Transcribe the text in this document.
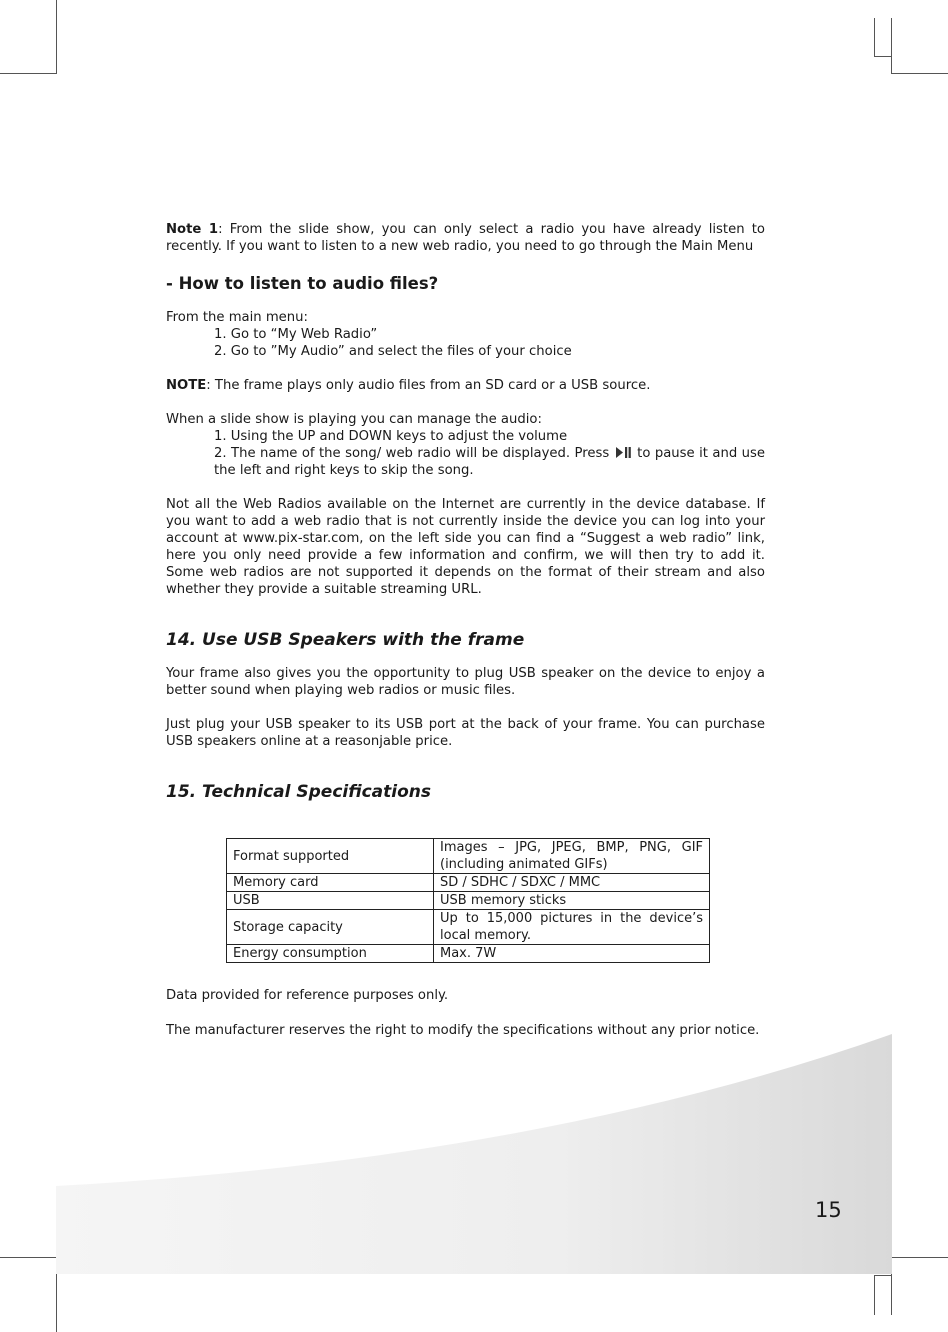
Note 1: From the slide show, you can only select a radio you have already listen to recently. If you want to listen to a new web radio, you need to go through the Main Menu

- How to listen to audio files?

From the main menu:

1. Go to “My Web Radio”

2. Go to ”My Audio” and select the files of your choice

NOTE: The frame plays only audio files from an SD card or a USB source.

When a slide show is playing you can manage the audio:

1. Using the UP and DOWN keys to adjust the volume

2. The name of the song/ web radio will be displayed. Press to pause it and use the left and right keys to skip the song.

Not all the Web Radios available on the Internet are currently in the device database. If you want to add a web radio that is not currently inside the device you can log into your account at www.pix-star.com, on the left side you can find a “Suggest a web radio” link, here you only need provide a few information and confirm, we will then try to add it. Some web radios are not supported it depends on the format of their stream and also whether they provide a suitable streaming URL.

14. Use USB Speakers with the frame

Your frame also gives you the opportunity to plug USB speaker on the device to enjoy a better sound when playing web radios or music files.

Just plug your USB speaker to its USB port at the back of your frame. You can purchase USB speakers online at a reasonjable price.

15. Technical Specifications
Format supported	Images – JPG, JPEG, BMP, PNG, GIF (including animated GIFs)
Memory card	SD / SDHC / SDXC / MMC
USB	USB memory sticks
Storage capacity	Up to 15,000 pictures in the device’s local memory.
Energy consumption	Max. 7W

Data provided for reference purposes only.

The manufacturer reserves the right to modify the specifications without any prior notice.

15
